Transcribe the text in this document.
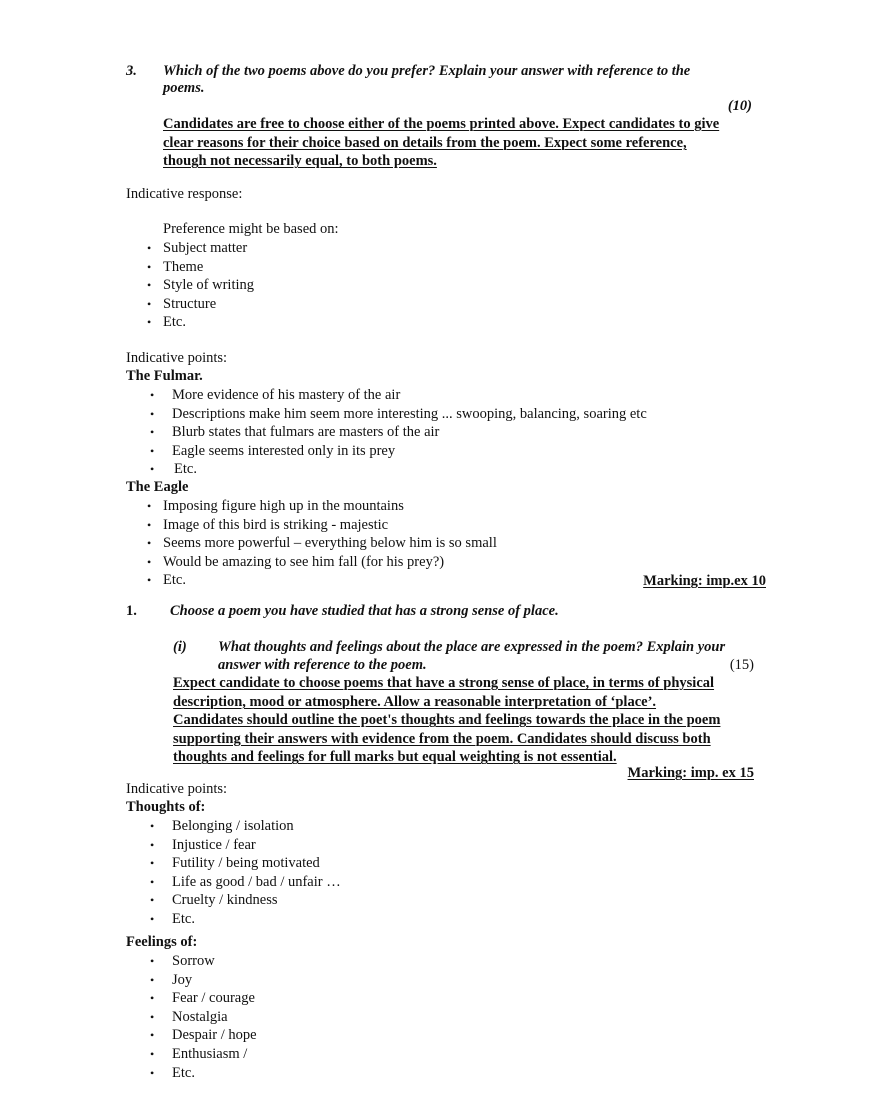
3. Which of the two poems above do you prefer? Explain your answer with reference to the
poems.
(10)
Candidates are free to choose either of the poems printed above. Expect candidates to give
clear reasons for their choice based on details from the poem. Expect some reference,
though not necessarily equal, to both poems.
Indicative response:
Preference might be based on:
• Subject matter
• Theme
• Style of writing
• Structure
• Etc.
Indicative points:
The Fulmar.
• More evidence of his mastery of the air
• Descriptions make him seem more interesting ... swooping, balancing, soaring etc
• Blurb states that fulmars are masters of the air
• Eagle seems interested only in its prey
• Etc.
The Eagle
• Imposing figure high up in the mountains
• Image of this bird is striking - majestic
• Seems more powerful – everything below him is so small
• Would be amazing to see him fall (for his prey?)
• Etc.	Marking: imp.ex 10
1. Choose a poem you have studied that has a strong sense of place.
(i) What thoughts and feelings about the place are expressed in the poem? Explain your
answer with reference to the poem.	(15)
Expect candidate to choose poems that have a strong sense of place, in terms of physical
description, mood or atmosphere. Allow a reasonable interpretation of ‘place’.
Candidates should outline the poet's thoughts and feelings towards the place in the poem
supporting their answers with evidence from the poem. Candidates should discuss both
thoughts and feelings for full marks but equal weighting is not essential.
Marking: imp. ex 15
Indicative points:
Thoughts of:
• Belonging / isolation
• Injustice / fear
• Futility / being motivated
• Life as good / bad / unfair …
• Cruelty / kindness
• Etc.
Feelings of:
• Sorrow
• Joy
• Fear / courage
• Nostalgia
• Despair / hope
• Enthusiasm /
• Etc.
